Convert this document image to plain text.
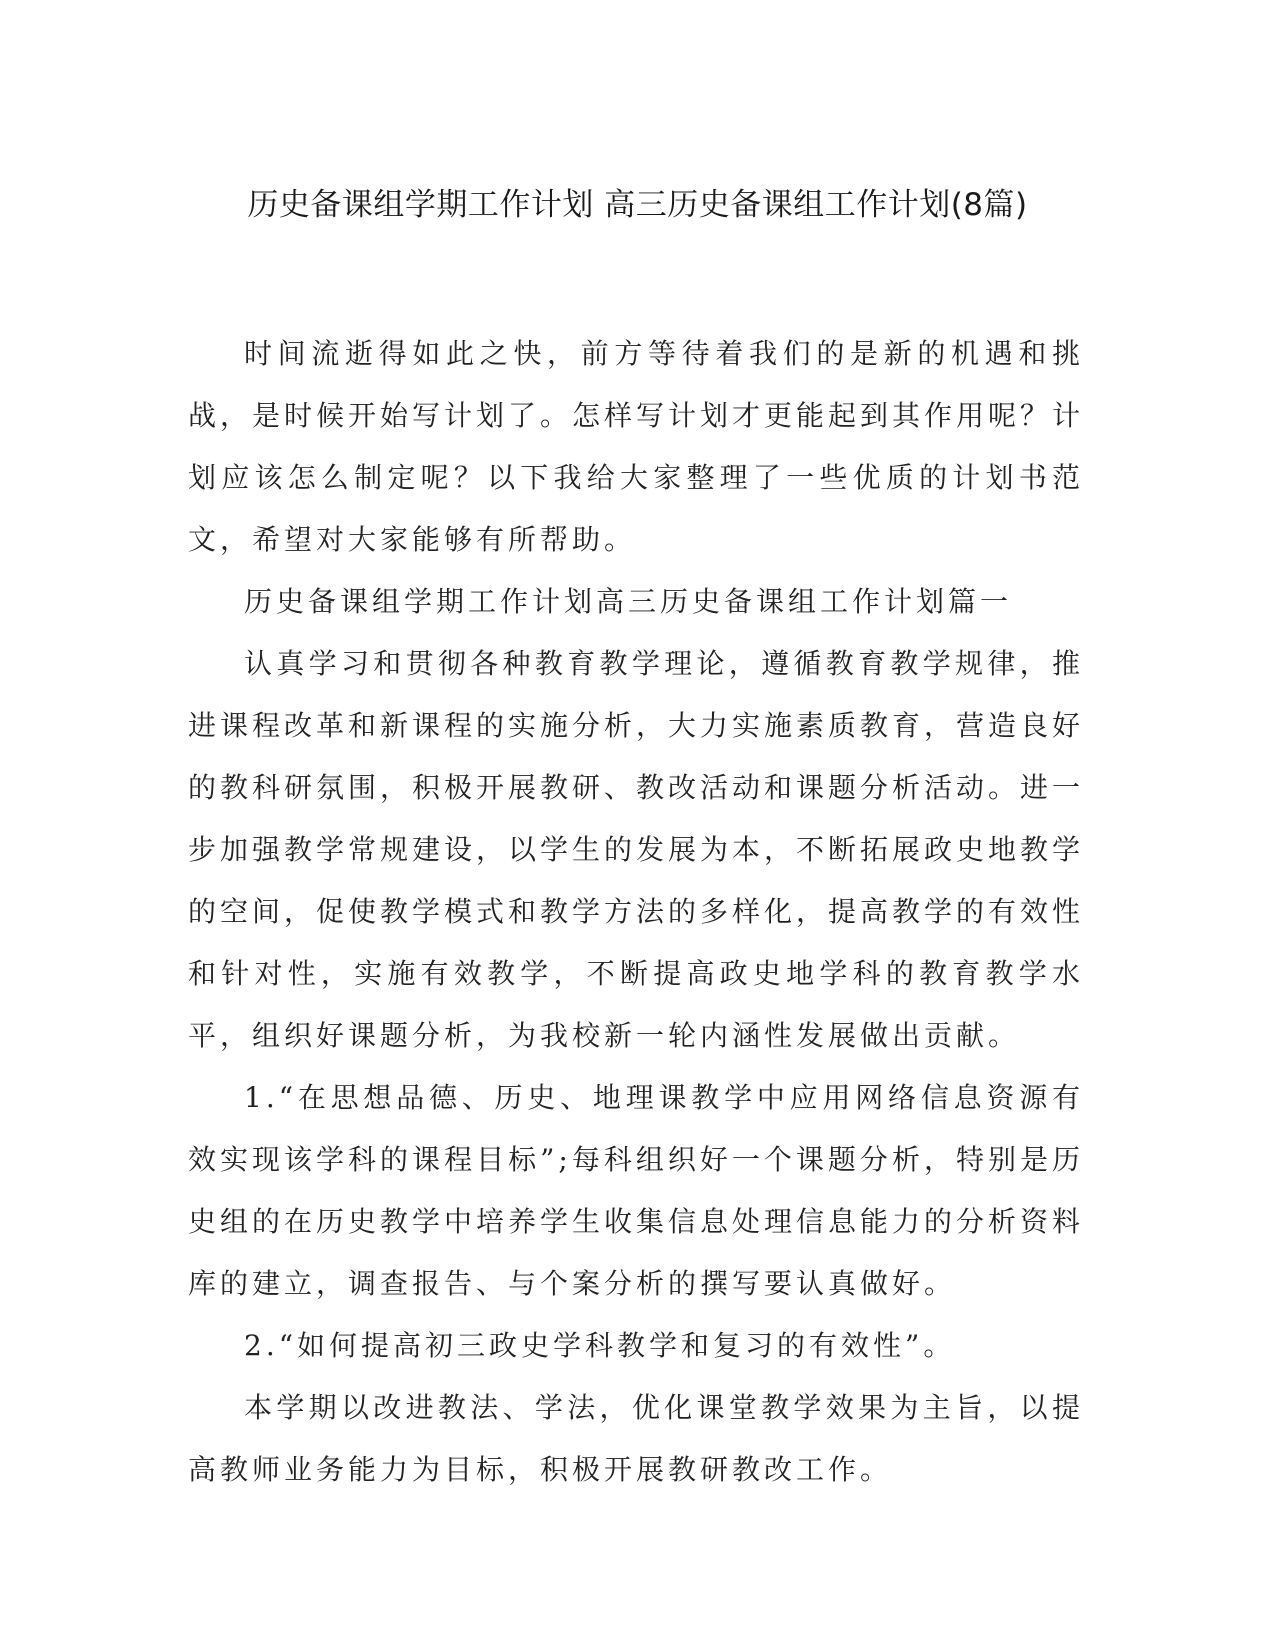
历史备课组学期工作计划 高三历史备课组工作计划(8篇)

时间流逝得如此之快，前方等待着我们的是新的机遇和挑战，是时候开始写计划了。怎样写计划才更能起到其作用呢？计划应该怎么制定呢？以下我给大家整理了一些优质的计划书范文，希望对大家能够有所帮助。

历史备课组学期工作计划高三历史备课组工作计划篇一

认真学习和贯彻各种教育教学理论，遵循教育教学规律，推进课程改革和新课程的实施分析，大力实施素质教育，营造良好的教科研氛围，积极开展教研、教改活动和课题分析活动。进一步加强教学常规建设，以学生的发展为本，不断拓展政史地教学的空间，促使教学模式和教学方法的多样化，提高教学的有效性和针对性，实施有效教学，不断提高政史地学科的教育教学水平，组织好课题分析，为我校新一轮内涵性发展做出贡献。

1.“在思想品德、历史、地理课教学中应用网络信息资源有效实现该学科的课程目标”;每科组织好一个课题分析，特别是历史组的在历史教学中培养学生收集信息处理信息能力的分析资料库的建立，调查报告、与个案分析的撰写要认真做好。

2.“如何提高初三政史学科教学和复习的有效性”。

本学期以改进教法、学法，优化课堂教学效果为主旨，以提高教师业务能力为目标，积极开展教研教改工作。
